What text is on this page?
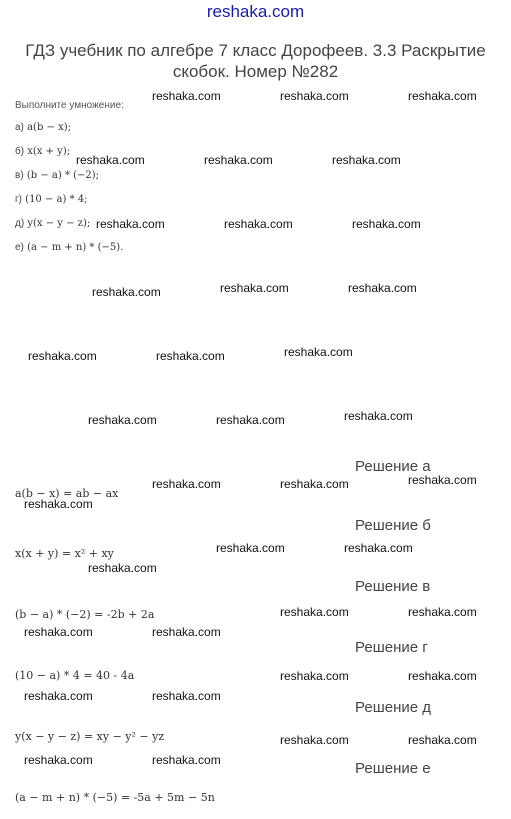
reshaka.com
ГДЗ учебник по алгебре 7 класс Дорофеев. 3.3 Раскрытие скобок. Номер №282
Выполните умножение:
а) a(b − x);
б) x(x + y);
в) (b − a) * (−2);
г) (10 − a) * 4;
д) y(x − y − z);
е) (a − m + n) * (−5).
Решение а
a(b − x) = ab − ax
Решение б
x(x + y) = x² + xy
Решение в
(b − a) * (−2) = -2b + 2a
Решение г
(10 − a) * 4 = 40 - 4a
Решение д
y(x − y − z) = xy − y² − yz
Решение е
(a − m + n) * (−5) = -5a + 5m − 5n
reshaka.com	reshaka.com	reshaka.com
reshaka.com	reshaka.com	reshaka.com
reshaka.com	reshaka.com	reshaka.com
reshaka.com	reshaka.com	reshaka.com
reshaka.com	reshaka.com	reshaka.com
reshaka.com	reshaka.com	reshaka.com
reshaka.com
reshaka.com	reshaka.com
reshaka.com
reshaka.com	reshaka.com
reshaka.com
reshaka.com	reshaka.com
reshaka.com	reshaka.com
reshaka.com	reshaka.com
reshaka.com	reshaka.com
reshaka.com	reshaka.com
reshaka.com	reshaka.com
